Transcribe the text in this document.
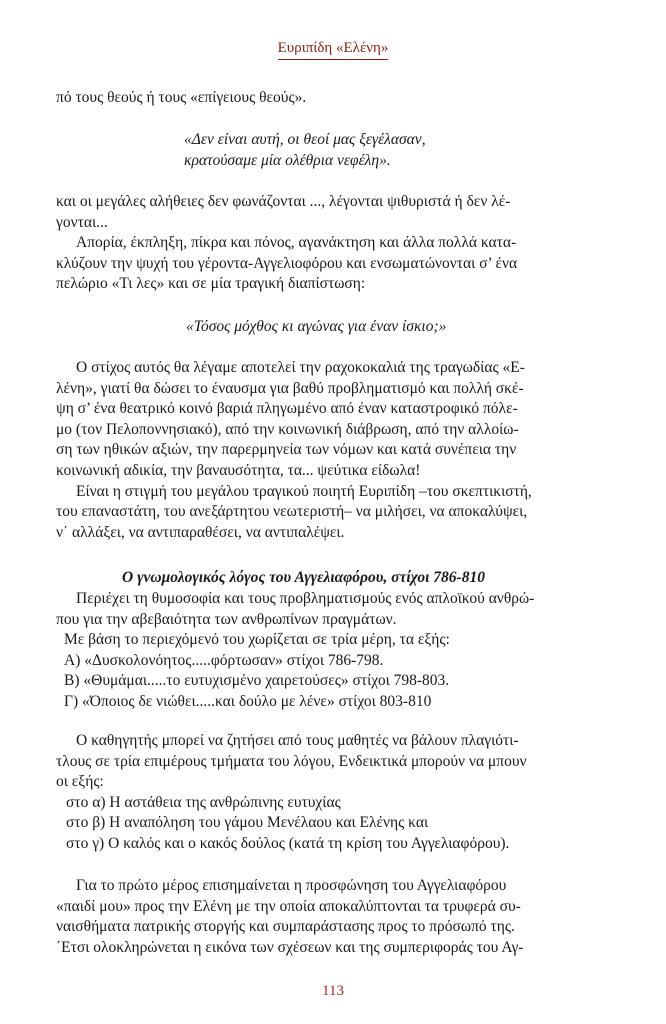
Ευριπίδη «Ελένη»
πό τους θεούς ή τους «επίγειους θεούς».
«Δεν είναι αυτή, οι θεοί μας ξεγέλασαν,
κρατούσαμε μία ολέθρια νεφέλη».
και οι μεγάλες αλήθειες δεν φωνάζονται ..., λέγονται ψιθυριστά ή δεν λέ-
γονται...
Απορία, έκπληξη, πίκρα και πόνος, αγανάκτηση και άλλα πολλά κατα-
κλύζουν την ψυχή του γέροντα-Αγγελιοφόρου και ενσωματώνονται σ’ ένα
πελώριο «Τι λες» και σε μία τραγική διαπίστωση:
«Τόσος μόχθος κι αγώνας για έναν ίσκιο;»
Ο στίχος αυτός θα λέγαμε αποτελεί την ραχοκοκαλιά της τραγωδίας «Ε-
λένη», γιατί θα δώσει το έναυσμα για βαθύ προβληματισμό και πολλή σκέ-
ψη σ’ ένα θεατρικό κοινό βαριά πληγωμένο από έναν καταστροφικό πόλε-
μο (τον Πελοποννησιακό), από την κοινωνική διάβρωση, από την αλλοίω-
ση των ηθικών αξιών, την παρερμηνεία των νόμων και κατά συνέπεια την
κοινωνική αδικία, την βαναυσότητα, τα... ψεύτικα είδωλα!
Είναι η στιγμή του μεγάλου τραγικού ποιητή Ευριπίδη –του σκεπτικιστή,
του επαναστάτη, του ανεξάρτητου νεωτεριστή– να μιλήσει, να αποκαλύψει,
ν΄ αλλάξει, να αντιπαραθέσει, να αντιπαλέψει.
Ο γνωμολογικός λόγος του Αγγελιαφόρου, στίχοι 786-810
Περιέχει τη θυμοσοφία και τους προβληματισμούς ενός απλοϊκού ανθρώ-
που για την αβεβαιότητα των ανθρωπίνων πραγμάτων.
Με βάση το περιεχόμενό του χωρίζεται σε τρία μέρη, τα εξής:
Α) «Δυσκολονόητος.....φόρτωσαν» στίχοι 786-798.
Β) «Θυμάμαι.....το ευτυχισμένο χαιρετούσες» στίχοι 798-803.
Γ) «Όποιος δε νιώθει.....και δούλο με λένε» στίχοι 803-810
Ο καθηγητής μπορεί να ζητήσει από τους μαθητές να βάλουν πλαγιότι-
τλους σε τρία επιμέρους τμήματα του λόγου, Ενδεικτικά μπορούν να μπουν
οι εξής:
στο α) Η αστάθεια της ανθρώπινης ευτυχίας
στο β) Η αναπόληση του γάμου Μενέλαου και Ελένης και
στο γ) Ο καλός και ο κακός δούλος (κατά τη κρίση του Αγγελιαφόρου).
Για το πρώτο μέρος επισημαίνεται η προσφώνηση του Αγγελιαφόρου
«παιδί μου» προς την Ελένη με την οποία αποκαλύπτονται τα τρυφερά συ-
ναισθήματα πατρικής στοργής και συμπαράστασης προς το πρόσωπό της.
΄Ετσι ολοκληρώνεται η εικόνα των σχέσεων και της συμπεριφοράς του Αγ-
113
